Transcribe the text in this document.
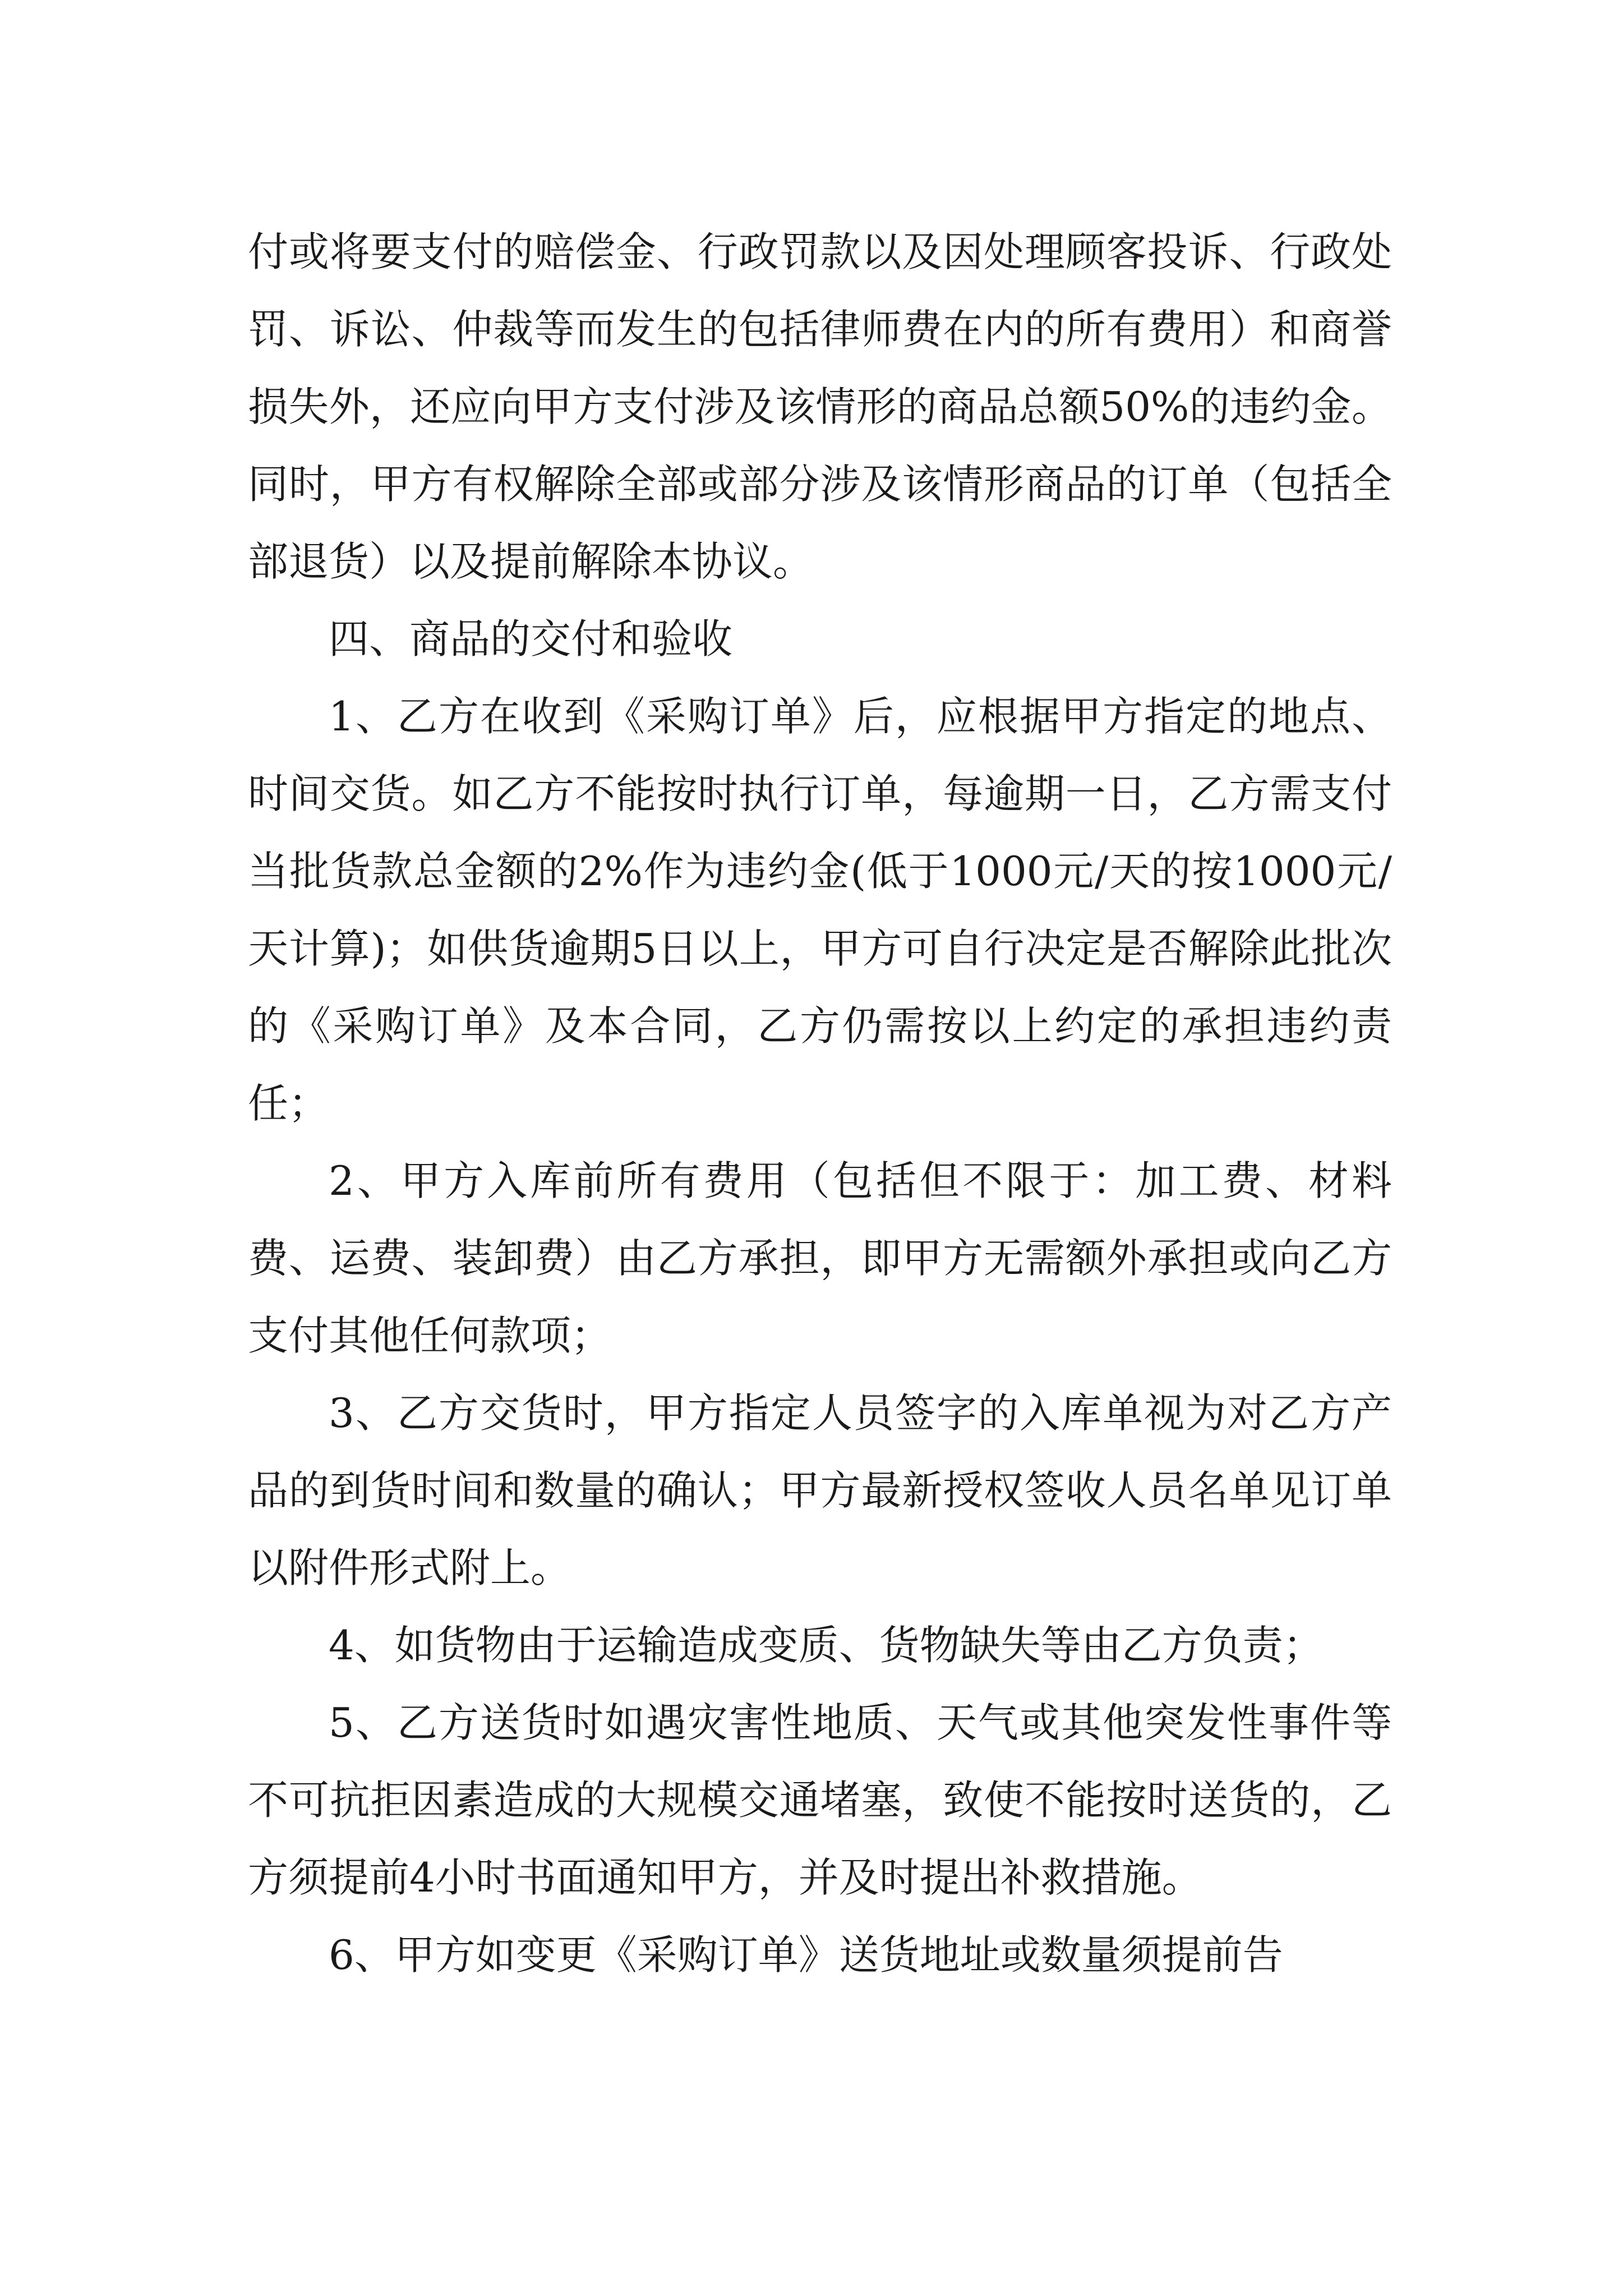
付或将要支付的赔偿金、行政罚款以及因处理顾客投诉、行政处罚、诉讼、仲裁等而发生的包括律师费在内的所有费用）和商誉损失外，还应向甲方支付涉及该情形的商品总额50%的违约金。同时，甲方有权解除全部或部分涉及该情形商品的订单（包括全部退货）以及提前解除本协议。

四、商品的交付和验收

1、乙方在收到《采购订单》后，应根据甲方指定的地点、时间交货。如乙方不能按时执行订单，每逾期一日，乙方需支付当批货款总金额的2%作为违约金(低于1000元/天的按1000元/天计算)；如供货逾期5日以上，甲方可自行决定是否解除此批次的《采购订单》及本合同，乙方仍需按以上约定的承担违约责任；

2、甲方入库前所有费用（包括但不限于：加工费、材料费、运费、装卸费）由乙方承担，即甲方无需额外承担或向乙方支付其他任何款项；

3、乙方交货时，甲方指定人员签字的入库单视为对乙方产品的到货时间和数量的确认；甲方最新授权签收人员名单见订单以附件形式附上。

4、如货物由于运输造成变质、货物缺失等由乙方负责；

5、乙方送货时如遇灾害性地质、天气或其他突发性事件等不可抗拒因素造成的大规模交通堵塞，致使不能按时送货的，乙方须提前4小时书面通知甲方，并及时提出补救措施。

6、甲方如变更《采购订单》送货地址或数量须提前告
